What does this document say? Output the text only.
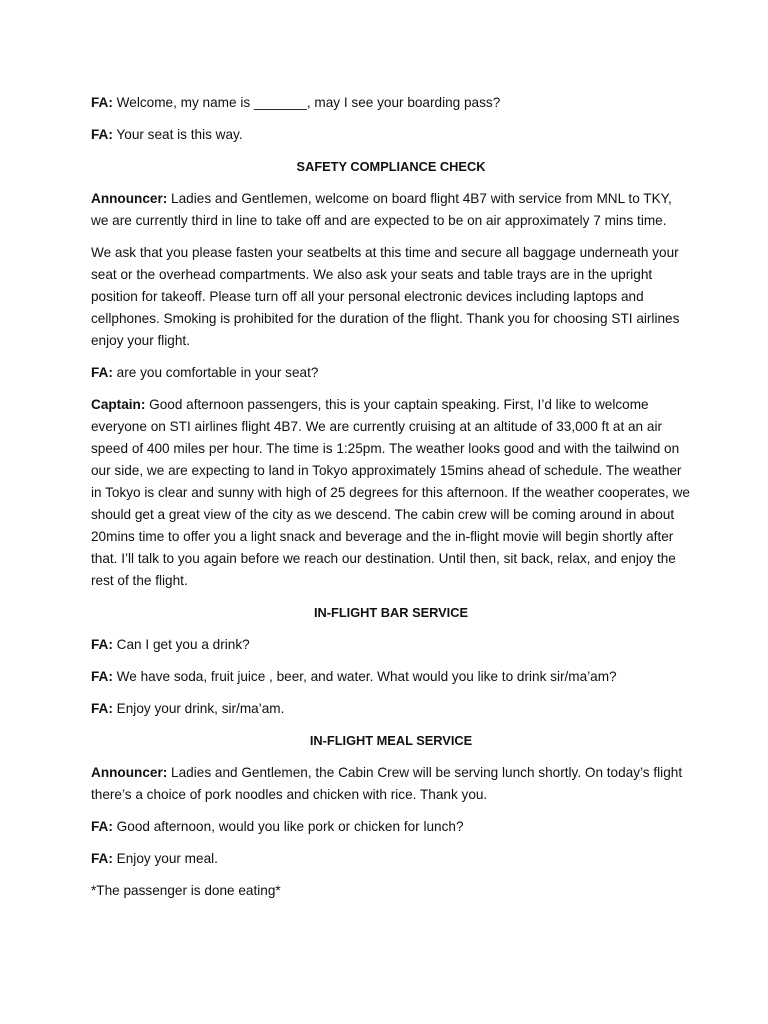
FA: Welcome, my name is _______, may I see your boarding pass?

FA: Your seat is this way.

SAFETY COMPLIANCE CHECK

Announcer: Ladies and Gentlemen, welcome on board flight 4B7 with service from MNL to TKY, we are currently third in line to take off and are expected to be on air approximately 7 mins time.

We ask that you please fasten your seatbelts at this time and secure all baggage underneath your seat or the overhead compartments. We also ask your seats and table trays are in the upright position for takeoff. Please turn off all your personal electronic devices including laptops and cellphones. Smoking is prohibited for the duration of the flight. Thank you for choosing STI airlines enjoy your flight.

FA: are you comfortable in your seat?

Captain: Good afternoon passengers, this is your captain speaking. First, I’d like to welcome everyone on STI airlines flight 4B7. We are currently cruising at an altitude of 33,000 ft at an air speed of 400 miles per hour. The time is 1:25pm. The weather looks good and with the tailwind on our side, we are expecting to land in Tokyo approximately 15mins ahead of schedule. The weather in Tokyo is clear and sunny with high of 25 degrees for this afternoon. If the weather cooperates, we should get a great view of the city as we descend. The cabin crew will be coming around in about 20mins time to offer you a light snack and beverage and the in-flight movie will begin shortly after that. I’ll talk to you again before we reach our destination. Until then, sit back, relax, and enjoy the rest of the flight.

IN-FLIGHT BAR SERVICE

FA: Can I get you a drink?

FA: We have soda, fruit juice , beer, and water. What would you like to drink sir/ma’am?

FA: Enjoy your drink, sir/ma’am.

IN-FLIGHT MEAL SERVICE

Announcer: Ladies and Gentlemen, the Cabin Crew will be serving lunch shortly. On today’s flight there’s a choice of pork noodles and chicken with rice. Thank you.

FA: Good afternoon, would you like pork or chicken for lunch?

FA: Enjoy your meal.

*The passenger is done eating*
